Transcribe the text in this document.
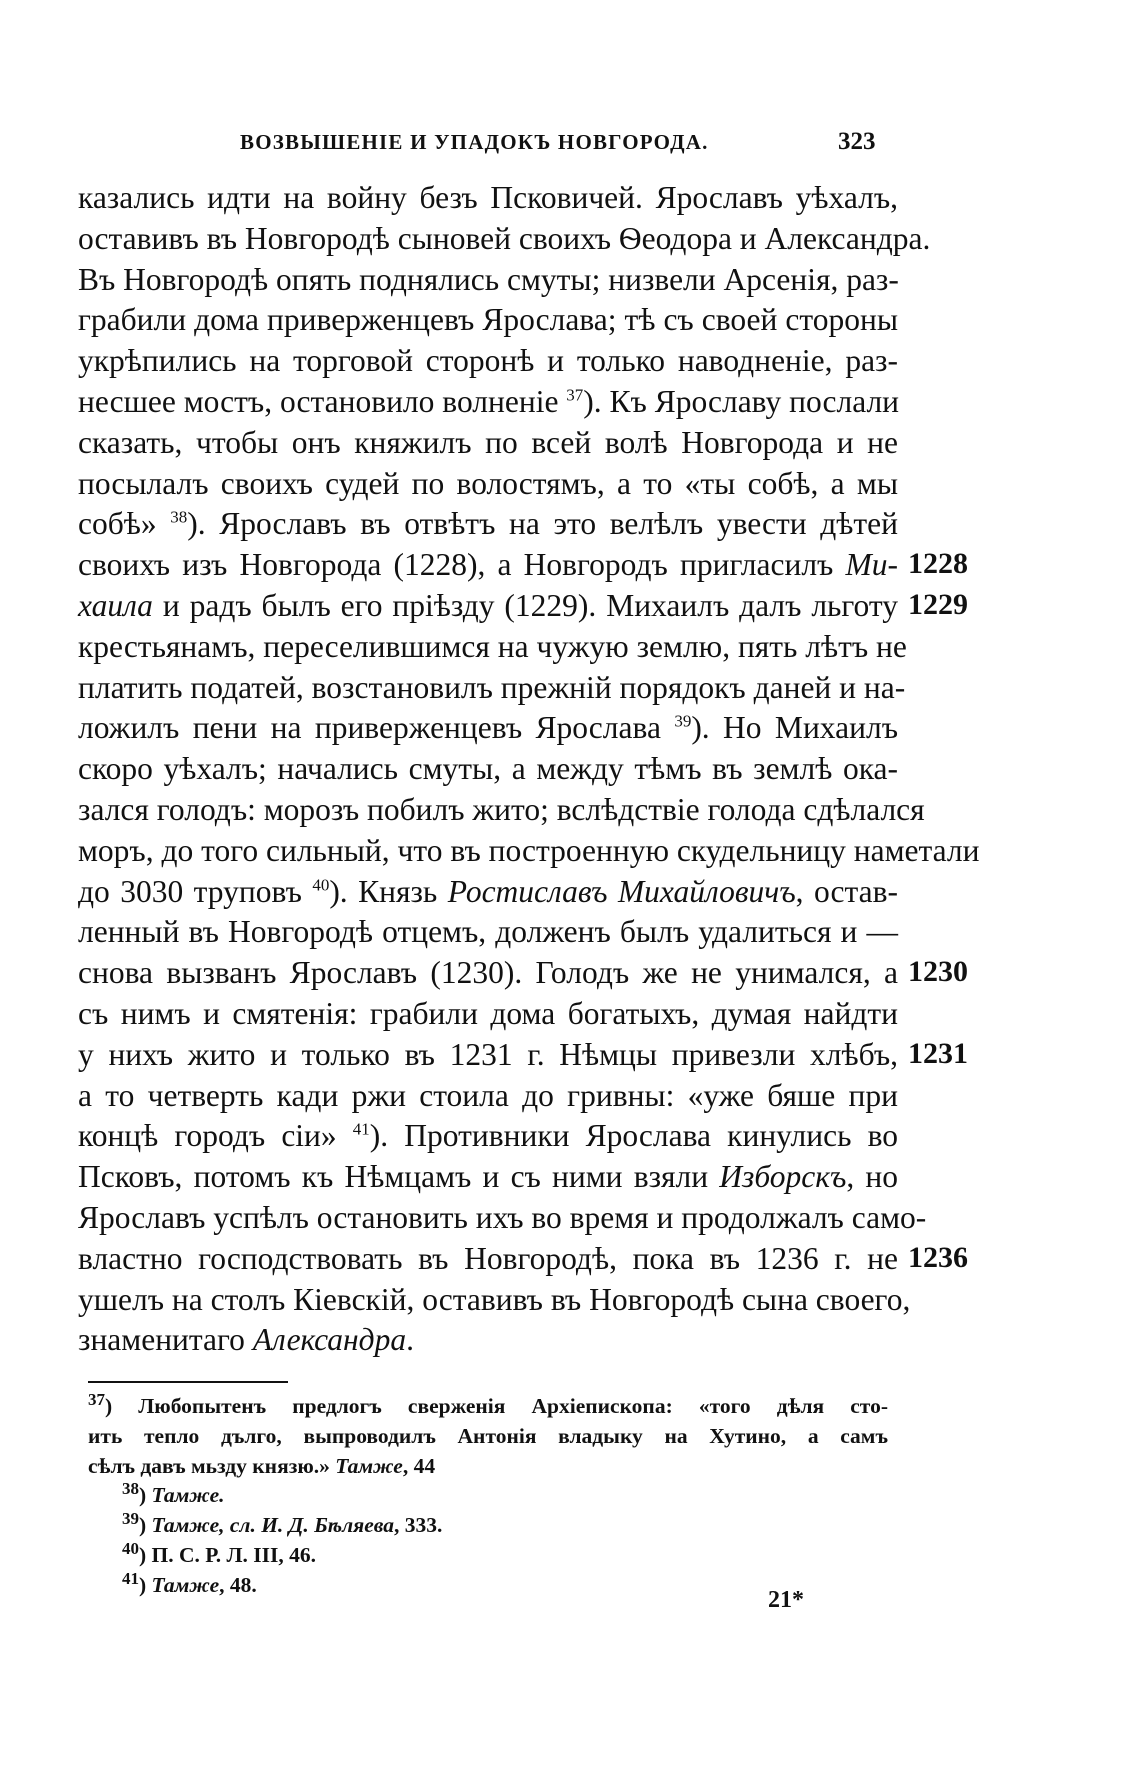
ВОЗВЫШЕНІЕ И УПАДОКЪ НОВГОРОДА.	323
казались идти на войну безъ Псковичей. Ярославъ уѣхалъ,
оставивъ въ Новгородѣ сыновей своихъ Ѳеодора и Александра.
Въ Новгородѣ опять поднялись смуты; низвели Арсенія, раз-
грабили дома приверженцевъ Ярослава; тѣ съ своей стороны
укрѣпились на торговой сторонѣ и только наводненіе, раз-
несшее мостъ, остановило волненіе $^{37}$). Къ Ярославу послали
сказать, чтобы онъ княжилъ по всей волѣ Новгорода и не
посылалъ своихъ судей по волостямъ, а то «ты собѣ, а мы
собѣ» $^{38}$). Ярославъ въ отвѣтъ на это велѣлъ увести дѣтей
своихъ изъ Новгорода (1228), а Новгородъ пригласилъ Ми-
хаила и радъ былъ его пріѣзду (1229). Михаилъ далъ льготу
крестьянамъ, переселившимся на чужую землю, пять лѣтъ не
платить податей, возстановилъ прежній порядокъ даней и на-
ложилъ пени на приверженцевъ Ярослава $^{39}$). Но Михаилъ
скоро уѣхалъ; начались смуты, а между тѣмъ въ землѣ ока-
зался голодъ: морозъ побилъ жито; вслѣдствіе голода сдѣлался
моръ, до того сильный, что въ построенную скудельницу наметали
до 3030 труповъ $^{40}$). Князь Ростиславъ Михайловичъ, остав-
ленный въ Новгородѣ отцемъ, долженъ былъ удалиться и —
снова вызванъ Ярославъ (1230). Голодъ же не унимался, а
съ нимъ и смятенія: грабили дома богатыхъ, думая найдти
у нихъ жито и только въ 1231 г. Нѣмцы привезли хлѣбъ,
а то четверть кади ржи стоила до гривны: «уже бяше при
концѣ городъ сіи» $^{41}$). Противники Ярослава кинулись во
Псковъ, потомъ къ Нѣмцамъ и съ ними взяли Изборскъ, но
Ярославъ успѣлъ остановить ихъ во время и продолжалъ само-
властно господствовать въ Новгородѣ, пока въ 1236 г. не
ушелъ на столъ Кіевскій, оставивъ въ Новгородѣ сына своего,
знаменитаго Александра.
1228
1229
1230
1231
1236
$^{37}$) Любопытенъ предлогъ сверженія Архіепископа: «того дѣля сто-
ить тепло дълго, выпроводилъ Антонія владыку на Хутино, а самъ
сѣлъ давъ мьзду князю.» Тамже, 44
$^{38}$) Тамже.
$^{39}$) Тамже, сл. И. Д. Бѣляева, 333.
$^{40}$) П. С. Р. Л. III, 46.
$^{41}$) Тамже, 48.
21*
